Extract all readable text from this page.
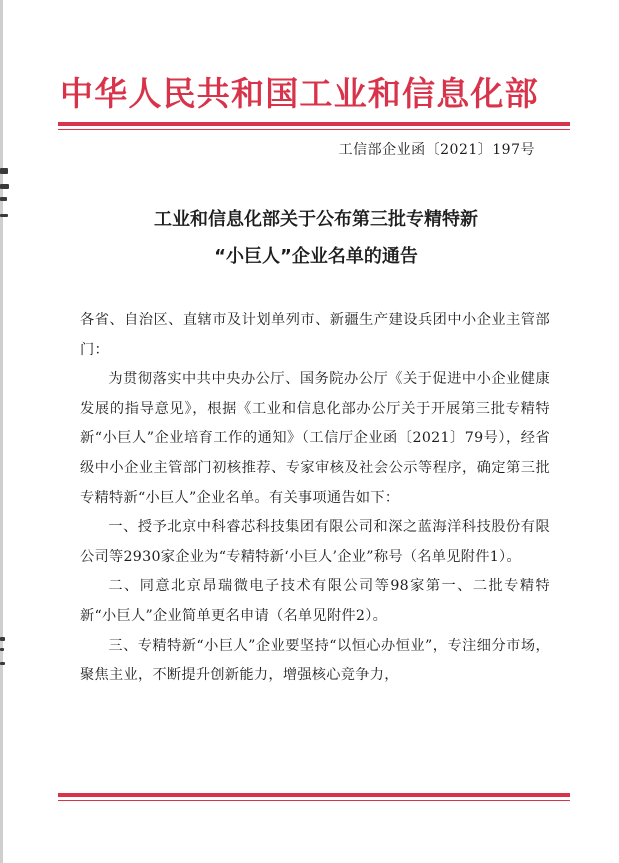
中华人民共和国工业和信息化部
工信部企业函〔2021〕197号
工业和信息化部关于公布第三批专精特新
“小巨人”企业名单的通告

各省、自治区、直辖市及计划单列市、新疆生产建设兵团中小企业主管部门：

为贯彻落实中共中央办公厅、国务院办公厅《关于促进中小企业健康发展的指导意见》，根据《工业和信息化部办公厅关于开展第三批专精特新“小巨人”企业培育工作的通知》（工信厅企业函〔2021〕79号），经省级中小企业主管部门初核推荐、专家审核及社会公示等程序，确定第三批专精特新“小巨人”企业名单。有关事项通告如下：

一、授予北京中科睿芯科技集团有限公司和深之蓝海洋科技股份有限公司等2930家企业为“专精特新‘小巨人’企业”称号（名单见附件1）。

二、同意北京昂瑞微电子技术有限公司等98家第一、二批专精特新“小巨人”企业简单更名申请（名单见附件2）。

三、专精特新“小巨人”企业要坚持“以恒心办恒业”，专注细分市场，聚焦主业，不断提升创新能力，增强核心竞争力，
